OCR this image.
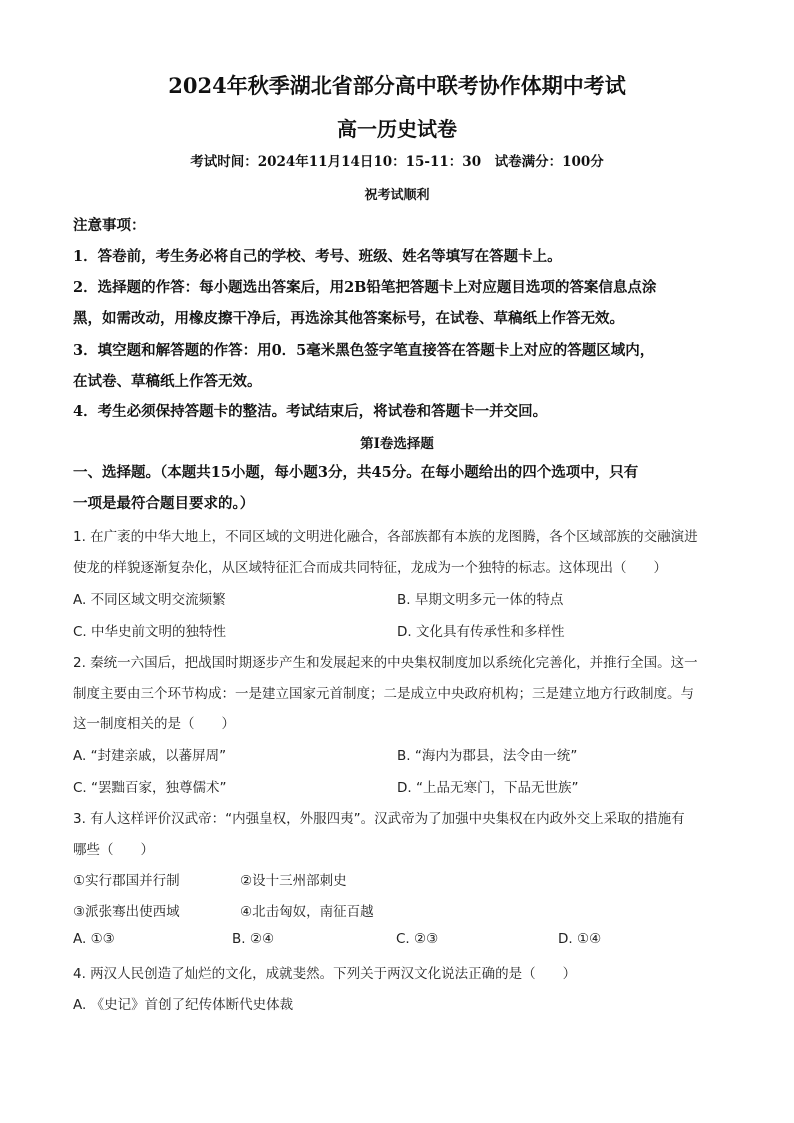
2024年秋季湖北省部分高中联考协作体期中考试
高一历史试卷
考试时间：2024年11月14日10：15-11：30　试卷满分：100分
祝考试顺利
注意事项：
1．答卷前，考生务必将自己的学校、考号、班级、姓名等填写在答题卡上。
2．选择题的作答：每小题选出答案后，用2B铅笔把答题卡上对应题目选项的答案信息点涂
黑，如需改动，用橡皮擦干净后，再选涂其他答案标号，在试卷、草稿纸上作答无效。
3．填空题和解答题的作答：用0．5毫米黑色签字笔直接答在答题卡上对应的答题区域内，
在试卷、草稿纸上作答无效。
4．考生必须保持答题卡的整洁。考试结束后，将试卷和答题卡一并交回。
第Ⅰ卷选择题
一、选择题。（本题共15小题，每小题3分，共45分。在每小题给出的四个选项中，只有
一项是最符合题目要求的。）
1. 在广袤的中华大地上，不同区域的文明进化融合，各部族都有本族的龙图腾，各个区域部族的交融演进
使龙的样貌逐渐复杂化，从区域特征汇合而成共同特征，龙成为一个独特的标志。这体现出（　　）
A. 不同区域文明交流频繁	B. 早期文明多元一体的特点
C. 中华史前文明的独特性	D. 文化具有传承性和多样性
2. 秦统一六国后，把战国时期逐步产生和发展起来的中央集权制度加以系统化完善化，并推行全国。这一
制度主要由三个环节构成：一是建立国家元首制度；二是成立中央政府机构；三是建立地方行政制度。与
这一制度相关的是（　　）
A. “封建亲戚，以蕃屏周”	B. “海内为郡县，法令由一统”
C. “罢黜百家，独尊儒术”	D. “上品无寒门，下品无世族”
3. 有人这样评价汉武帝：“内强皇权，外服四夷”。汉武帝为了加强中央集权在内政外交上采取的措施有
哪些（　　）
①实行郡国并行制	②设十三州部刺史
③派张骞出使西域	④北击匈奴，南征百越
A. ①③	B. ②④	C. ②③	D. ①④
4. 两汉人民创造了灿烂的文化，成就斐然。下列关于两汉文化说法正确的是（　　）
A. 《史记》首创了纪传体断代史体裁
